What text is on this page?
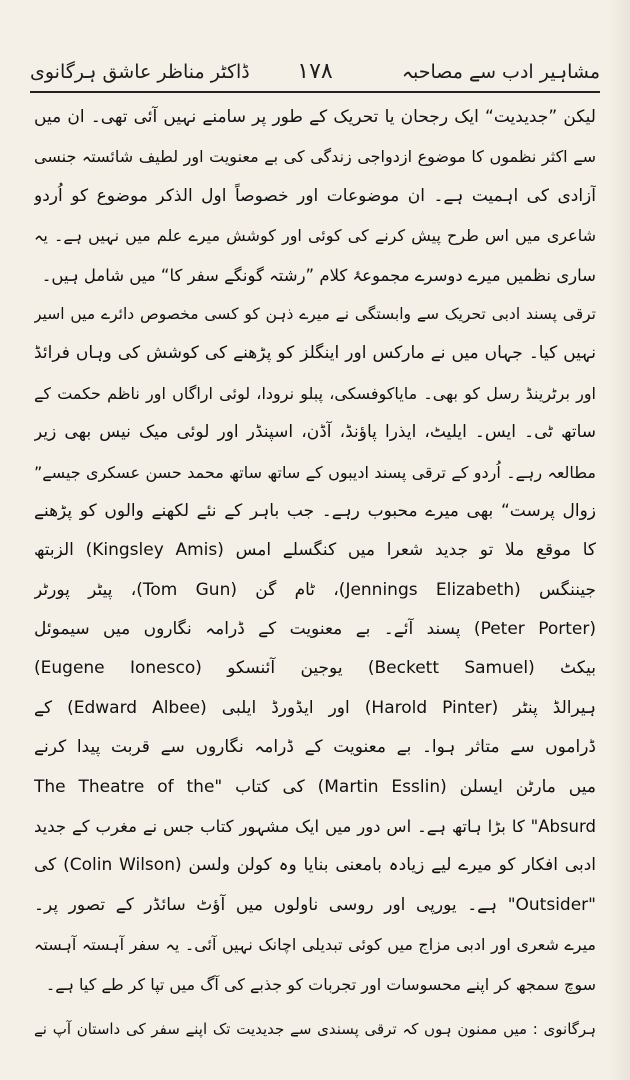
مشاہیر ادب سے مصاحبہ
۱۷۸
ڈاکٹر مناظر عاشق ہرگانوی
لیکن ”جدیدیت“ ایک رجحان یا تحریک کے طور پر سامنے نہیں آئی تھی۔ ان میں
سے اکثر نظموں کا موضوع ازدواجی زندگی کی بے معنویت اور لطیف شائستہ جنسی
آزادی کی اہمیت ہے۔ ان موضوعات اور خصوصاً اول الذکر موضوع کو اُردو
شاعری میں اس طرح پیش کرنے کی کوئی اور کوشش میرے علم میں نہیں ہے۔ یہ
ساری نظمیں میرے دوسرے مجموعۂ کلام ”رشتہ گونگے سفر کا“ میں شامل ہیں۔
ترقی پسند ادبی تحریک سے وابستگی نے میرے ذہن کو کسی مخصوص دائرے میں اسیر
نہیں کیا۔ جہاں میں نے مارکس اور اینگلز کو پڑھنے کی کوشش کی وہاں فرائڈ
اور برٹرینڈ رسل کو بھی۔ مایاکوفسکی، پبلو نرودا، لوئی اراگاں اور ناظم حکمت کے
ساتھ ٹی۔ ایس۔ ایلیٹ، ایذرا پاؤنڈ، آڈن، اسپنڈر اور لوئی میک نیس بھی زیر
مطالعہ رہے۔ اُردو کے ترقی پسند ادیبوں کے ساتھ ساتھ محمد حسن عسکری جیسے”
زوال پرست“ بھی میرے محبوب رہے۔ جب باہر کے نئے لکھنے والوں کو پڑھنے
کا موقع ملا تو جدید شعرا میں کنگسلے امس (Kingsley Amis) الزبتھ
جیننگس (Jennings Elizabeth)، ٹام گن (Tom Gun)، پیٹر پورٹر
(Peter Porter) پسند آئے۔ بے معنویت کے ڈرامہ نگاروں میں سیموئل
بیکٹ (Beckett Samuel) یوجین آئنسکو (Eugene Ionesco)
ہیرالڈ پنٹر (Harold Pinter) اور ایڈورڈ ایلبی (Edward Albee) کے
ڈراموں سے متاثر ہوا۔ بے معنویت کے ڈرامہ نگاروں سے قربت پیدا کرنے
میں مارٹن ایسلن (Martin Esslin) کی کتاب "The Theatre of the
Absurd" کا بڑا ہاتھ ہے۔ اس دور میں ایک مشہور کتاب جس نے مغرب کے جدید
ادبی افکار کو میرے لیے زیادہ بامعنی بنایا وہ کولن ولسن (Colin Wilson) کی
"Outsider" ہے۔ یورپی اور روسی ناولوں میں آؤٹ سائڈر کے تصور پر۔
میرے شعری اور ادبی مزاج میں کوئی تبدیلی اچانک نہیں آئی۔ یہ سفر آہستہ آہستہ
سوچ سمجھ کر اپنے محسوسات اور تجربات کو جذبے کی آگ میں تپا کر طے کیا ہے۔
ہرگانوی : میں ممنون ہوں کہ ترقی پسندی سے جدیدیت تک اپنے سفر کی داستان آپ نے
